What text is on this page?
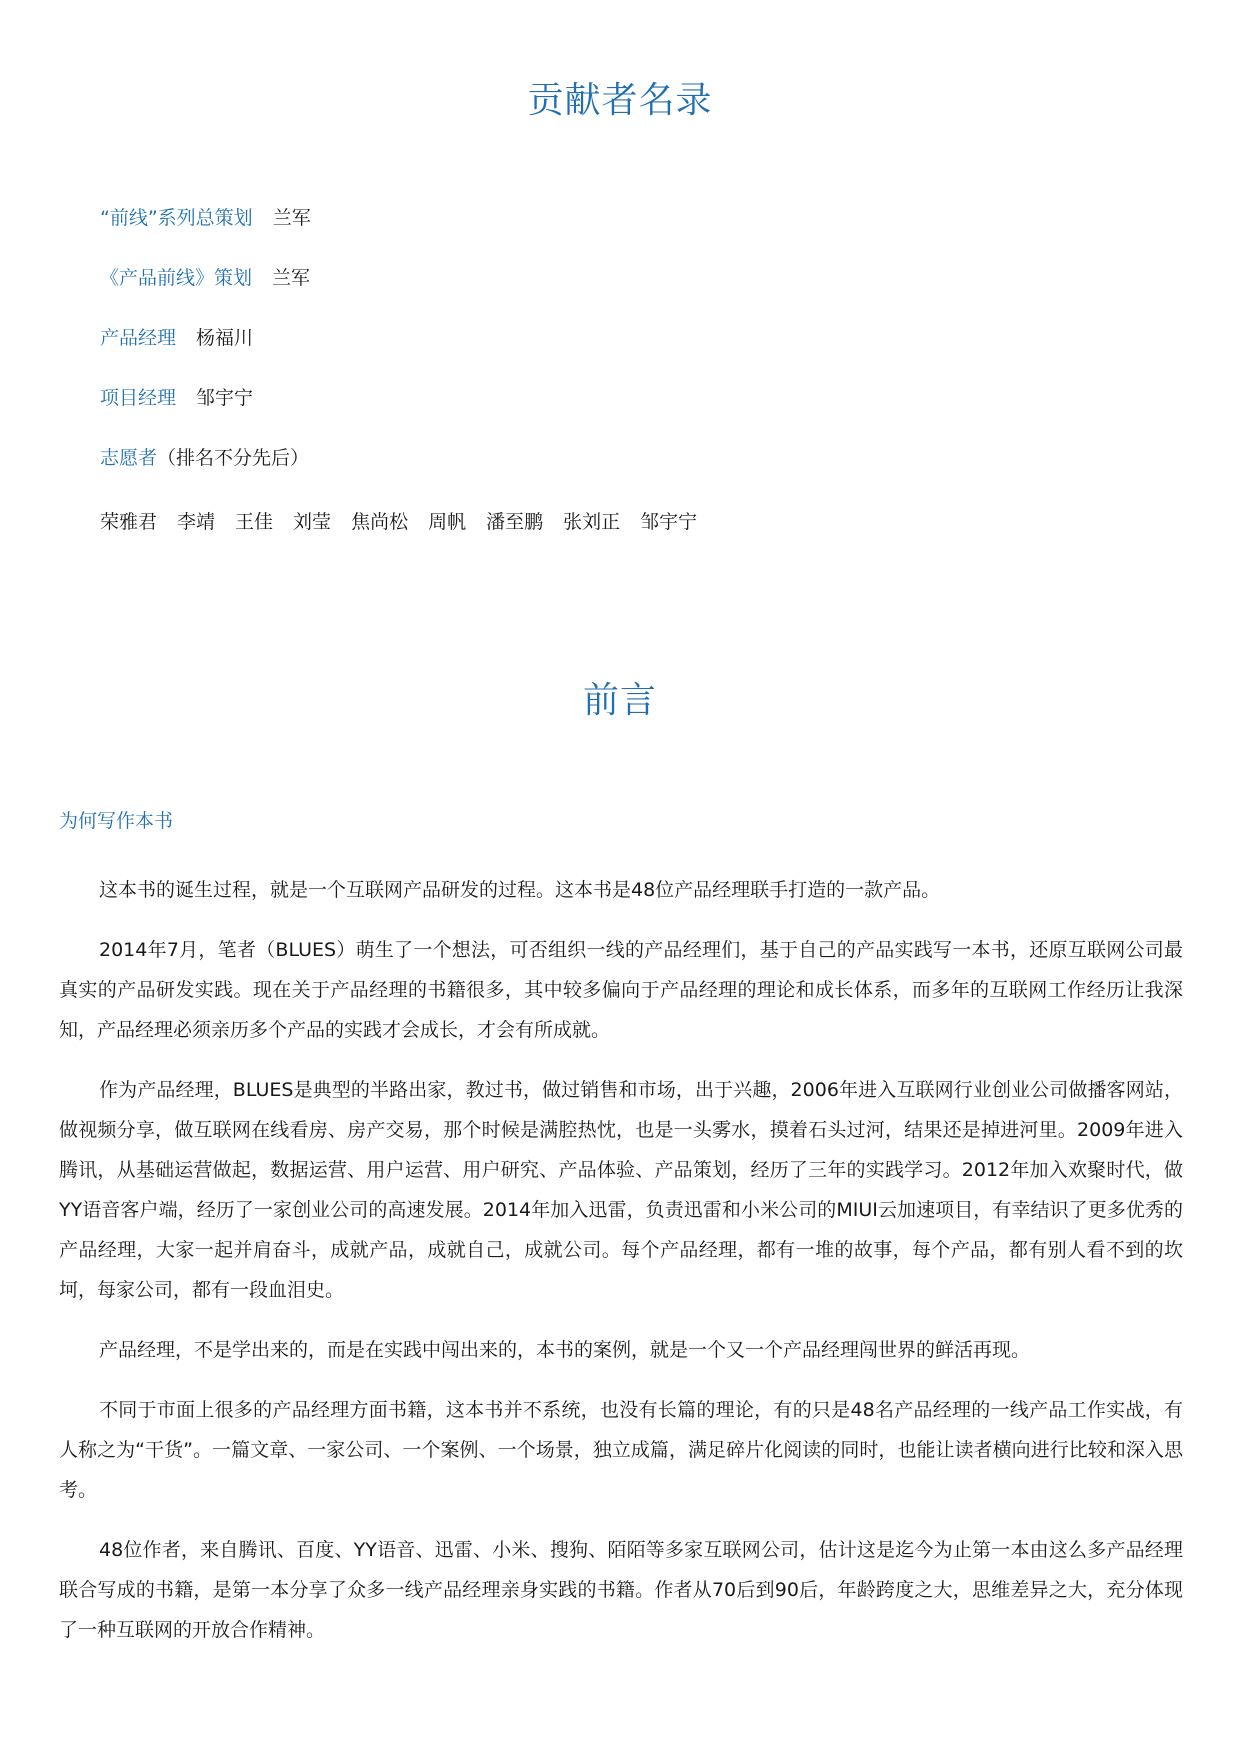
贡献者名录
“前线”系列总策划 兰军
《产品前线》策划 兰军
产品经理 杨福川
项目经理 邹宇宁
志愿者（排名不分先后）
荣雅君 李靖 王佳 刘莹 焦尚松 周帆 潘至鹏 张刘正 邹宇宁
前言
为何写作本书

这本书的诞生过程，就是一个互联网产品研发的过程。这本书是48位产品经理联手打造的一款产品。

2014年7月，笔者（BLUES）萌生了一个想法，可否组织一线的产品经理们，基于自己的产品实践写一本书，还原互联网公司最真实的产品研发实践。现在关于产品经理的书籍很多，其中较多偏向于产品经理的理论和成长体系，而多年的互联网工作经历让我深知，产品经理必须亲历多个产品的实践才会成长，才会有所成就。

作为产品经理，BLUES是典型的半路出家，教过书，做过销售和市场，出于兴趣，2006年进入互联网行业创业公司做播客网站，做视频分享，做互联网在线看房、房产交易，那个时候是满腔热忱，也是一头雾水，摸着石头过河，结果还是掉进河里。2009年进入腾讯，从基础运营做起，数据运营、用户运营、用户研究、产品体验、产品策划，经历了三年的实践学习。2012年加入欢聚时代，做YY语音客户端，经历了一家创业公司的高速发展。2014年加入迅雷，负责迅雷和小米公司的MIUI云加速项目，有幸结识了更多优秀的产品经理，大家一起并肩奋斗，成就产品，成就自己，成就公司。每个产品经理，都有一堆的故事，每个产品，都有别人看不到的坎坷，每家公司，都有一段血泪史。

产品经理，不是学出来的，而是在实践中闯出来的，本书的案例，就是一个又一个产品经理闯世界的鲜活再现。

不同于市面上很多的产品经理方面书籍，这本书并不系统，也没有长篇的理论，有的只是48名产品经理的一线产品工作实战，有人称之为“干货”。一篇文章、一家公司、一个案例、一个场景，独立成篇，满足碎片化阅读的同时，也能让读者横向进行比较和深入思考。

48位作者，来自腾讯、百度、YY语音、迅雷、小米、搜狗、陌陌等多家互联网公司，估计这是迄今为止第一本由这么多产品经理联合写成的书籍，是第一本分享了众多一线产品经理亲身实践的书籍。作者从70后到90后，年龄跨度之大，思维差异之大，充分体现了一种互联网的开放合作精神。
